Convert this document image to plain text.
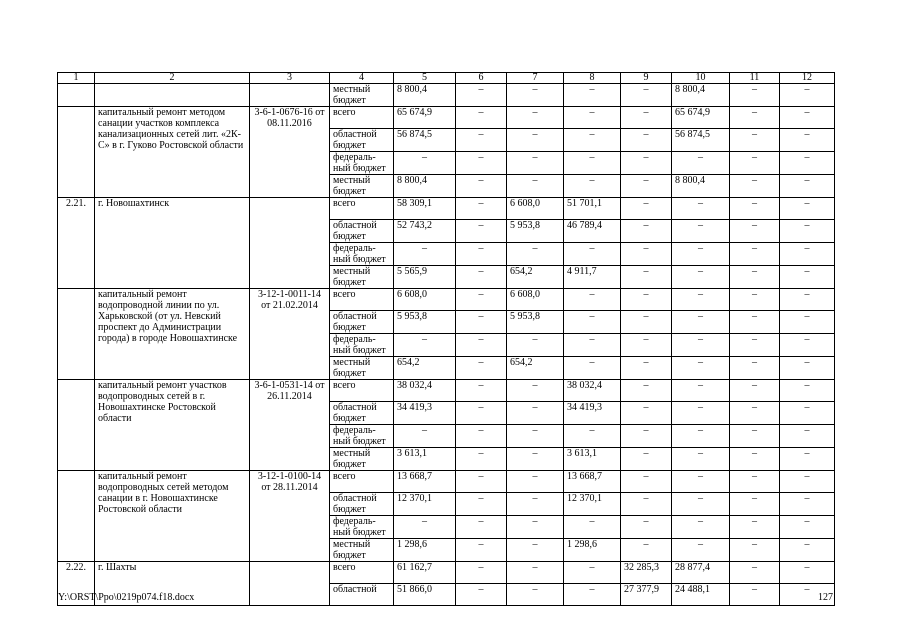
1	2	3	4	5	6	7	8	9	10	11	12
			местный бюджет	8 800,4	–	–	–	–	8 800,4	–	–
	капитальный ремонт методом санации участков комплекса канализационных сетей лит. «2К-С» в г. Гуково Ростовской области	3-6-1-0676-16 от 08.11.2016	всего	65 674,9	–	–	–	–	65 674,9	–	–
			областной бюджет	56 874,5	–	–	–	–	56 874,5	–	–
			федераль-ный бюджет	–	–	–	–	–	–	–	–
			местный бюджет	8 800,4	–	–	–	–	8 800,4	–	–
2.21.	г. Новошахтинск		всего	58 309,1	–	6 608,0	51 701,1	–	–	–	–
			областной бюджет	52 743,2	–	5 953,8	46 789,4	–	–	–	–
			федераль-ный бюджет	–	–	–	–	–	–	–	–
			местный бюджет	5 565,9	–	654,2	4 911,7	–	–	–	–
	капитальный ремонт водопроводной линии по ул. Харьковской (от ул. Невский проспект до Администрации города) в городе Новошахтинске	3-12-1-0011-14 от 21.02.2014	всего	6 608,0	–	6 608,0	–	–	–	–	–
			областной бюджет	5 953,8	–	5 953,8	–	–	–	–	–
			федераль-ный бюджет	–	–	–	–	–	–	–	–
			местный бюджет	654,2	–	654,2	–	–	–	–	–
	капитальный ремонт участков водопроводных сетей в г. Новошахтинске Ростовской области	3-6-1-0531-14 от 26.11.2014	всего	38 032,4	–	–	38 032,4	–	–	–	–
			областной бюджет	34 419,3	–	–	34 419,3	–	–	–	–
			федераль-ный бюджет	–	–	–	–	–	–	–	–
			местный бюджет	3 613,1	–	–	3 613,1	–	–	–	–
	капитальный ремонт водопроводных сетей методом санации в г. Новошахтинске Ростовской области	3-12-1-0100-14 от 28.11.2014	всего	13 668,7	–	–	13 668,7	–	–	–	–
			областной бюджет	12 370,1	–	–	12 370,1	–	–	–	–
			федераль-ный бюджет	–	–	–	–	–	–	–	–
			местный бюджет	1 298,6	–	–	1 298,6	–	–	–	–
2.22.	г. Шахты		всего	61 162,7	–	–	–	32 285,3	28 877,4	–	–
			областной	51 866,0	–	–	–	27 377,9	24 488,1	–	–
Y:\ORST\Ppo\0219p074.f18.docx	127
